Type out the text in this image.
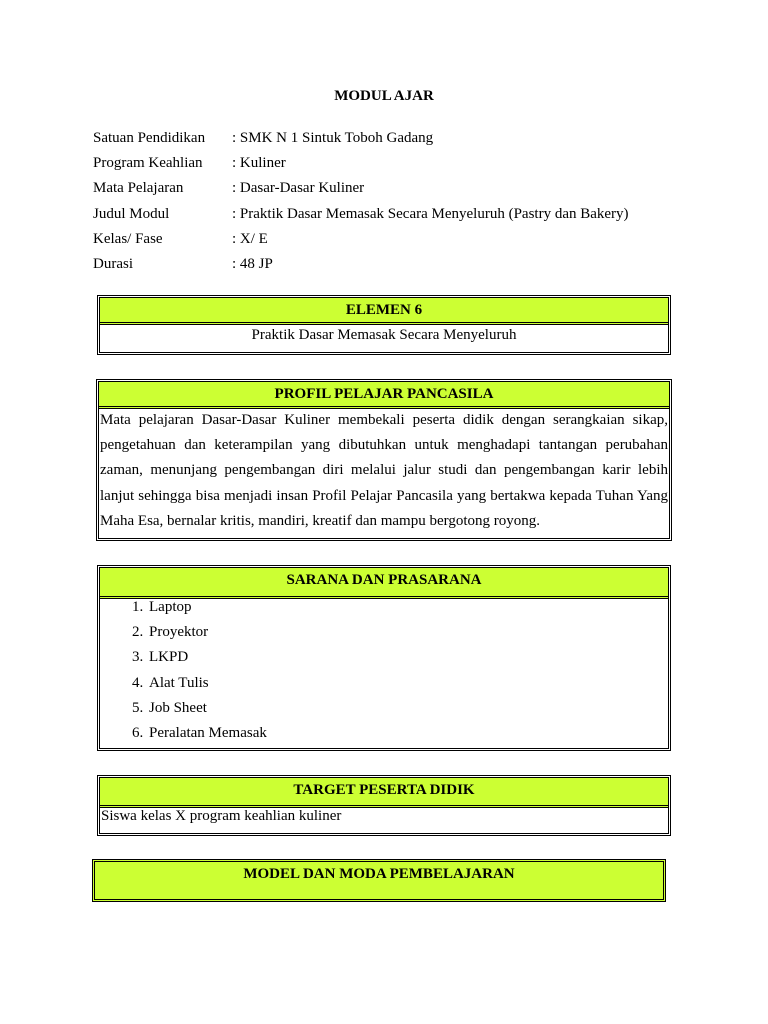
MODUL AJAR
Satuan Pendidikan	: SMK N 1 Sintuk Toboh Gadang
Program Keahlian	: Kuliner
Mata Pelajaran	: Dasar-Dasar Kuliner
Judul Modul	: Praktik Dasar Memasak Secara Menyeluruh (Pastry dan Bakery)
Kelas/ Fase	: X/ E
Durasi	: 48 JP
ELEMEN 6
Praktik Dasar Memasak Secara Menyeluruh
PROFIL PELAJAR PANCASILA
Mata pelajaran Dasar-Dasar Kuliner membekali peserta didik dengan serangkaian sikap, pengetahuan dan keterampilan yang dibutuhkan untuk menghadapi tantangan perubahan zaman, menunjang pengembangan diri melalui jalur studi dan pengembangan karir lebih lanjut sehingga bisa menjadi insan Profil Pelajar Pancasila yang bertakwa kepada Tuhan Yang Maha Esa, bernalar kritis, mandiri, kreatif dan mampu bergotong royong.
SARANA DAN PRASARANA
1. Laptop
2. Proyektor
3. LKPD
4. Alat Tulis
5. Job Sheet
6. Peralatan Memasak
TARGET PESERTA DIDIK
Siswa kelas X program keahlian kuliner
MODEL DAN MODA PEMBELAJARAN
